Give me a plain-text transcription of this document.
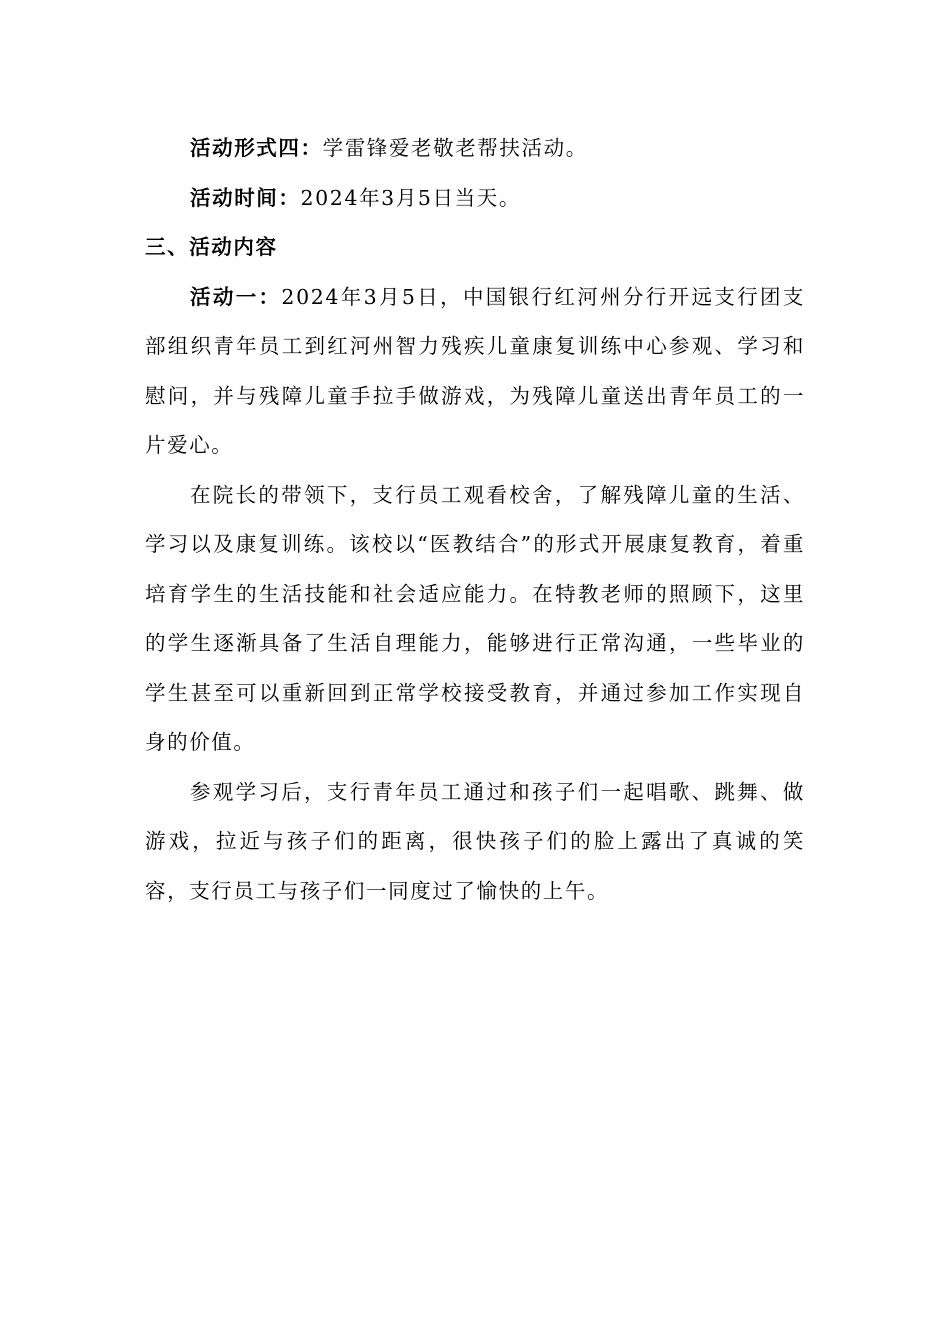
活动形式四：学雷锋爱老敬老帮扶活动。

活动时间：2024年3月5日当天。

三、活动内容

活动一：2024年3月5日，中国银行红河州分行开远支行团支部组织青年员工到红河州智力残疾儿童康复训练中心参观、学习和慰问，并与残障儿童手拉手做游戏，为残障儿童送出青年员工的一片爱心。

在院长的带领下，支行员工观看校舍，了解残障儿童的生活、学习以及康复训练。该校以“医教结合”的形式开展康复教育，着重培育学生的生活技能和社会适应能力。在特教老师的照顾下，这里的学生逐渐具备了生活自理能力，能够进行正常沟通，一些毕业的学生甚至可以重新回到正常学校接受教育，并通过参加工作实现自身的价值。

参观学习后，支行青年员工通过和孩子们一起唱歌、跳舞、做游戏，拉近与孩子们的距离，很快孩子们的脸上露出了真诚的笑容，支行员工与孩子们一同度过了愉快的上午。
